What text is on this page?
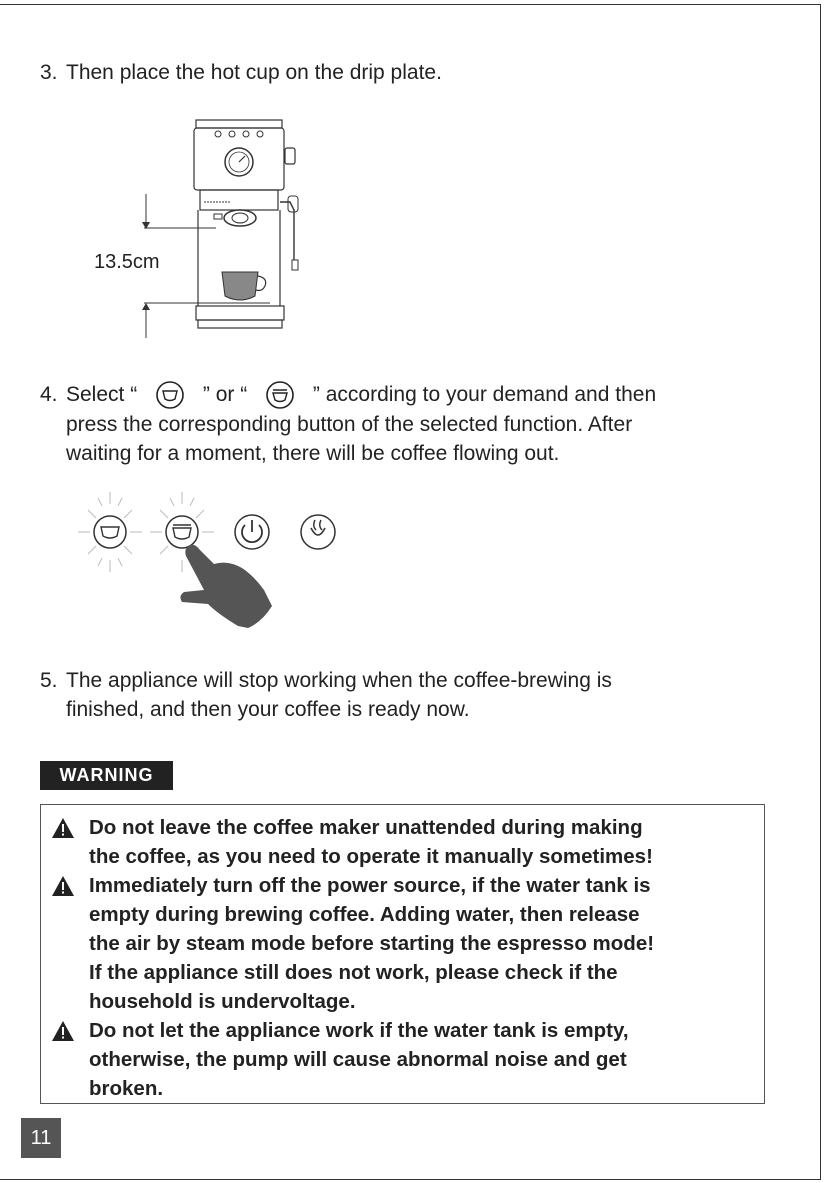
3. Then place the hot cup on the drip plate.
13.5cm
4. Select “	” or “	” according to your demand and then
press the corresponding button of the selected function. After
waiting for a moment, there will be coffee flowing out.
5. The appliance will stop working when the coffee-brewing is
finished, and then your coffee is ready now.
WARNING
Do not leave the coffee maker unattended during making
the coffee, as you need to operate it manually sometimes!
Immediately turn off the power source, if the water tank is
empty during brewing coffee. Adding water, then release
the air by steam mode before starting the espresso mode!
If the appliance still does not work, please check if the
household is undervoltage.
Do not let the appliance work if the water tank is empty,
otherwise, the pump will cause abnormal noise and get
broken.
11
